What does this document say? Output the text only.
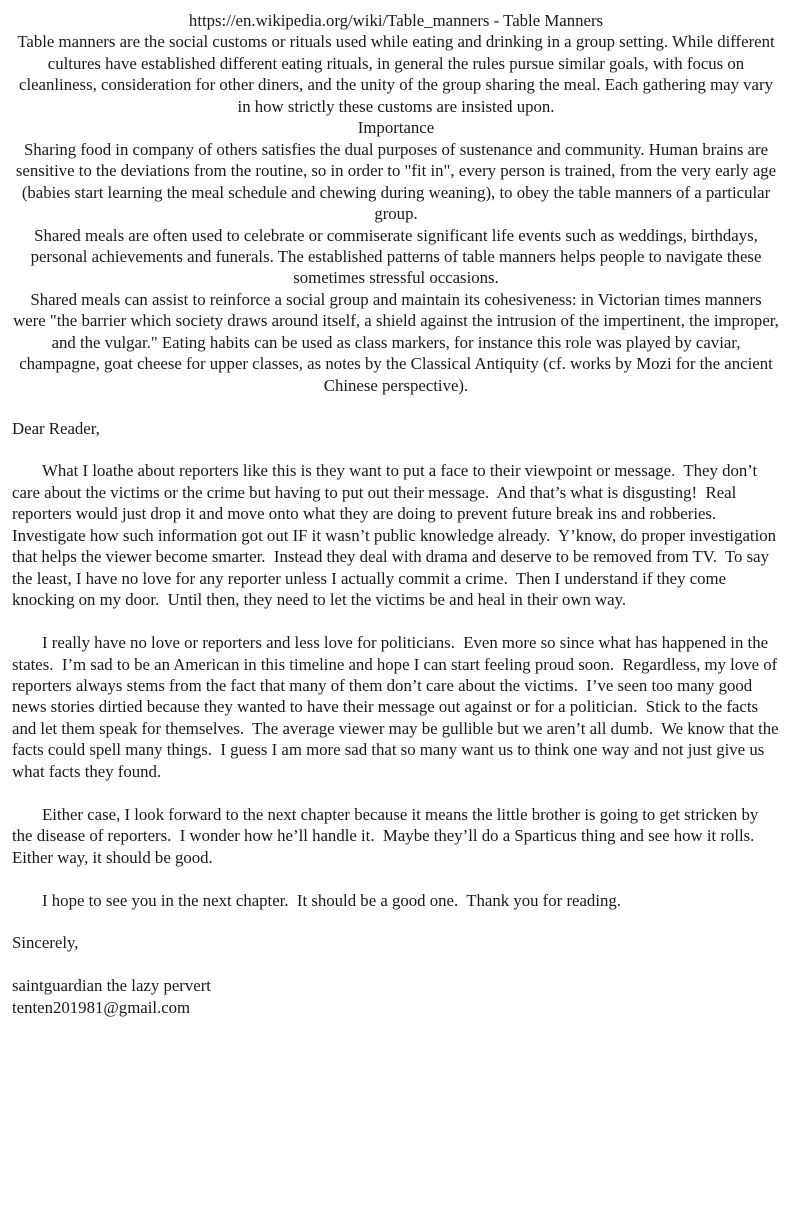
https://en.wikipedia.org/wiki/Table_manners - Table Manners

Table manners are the social customs or rituals used while eating and drinking in a group setting. While different cultures have established different eating rituals, in general the rules pursue similar goals, with focus on cleanliness, consideration for other diners, and the unity of the group sharing the meal. Each gathering may vary in how strictly these customs are insisted upon.

Importance

Sharing food in company of others satisfies the dual purposes of sustenance and community. Human brains are sensitive to the deviations from the routine, so in order to "fit in", every person is trained, from the very early age (babies start learning the meal schedule and chewing during weaning), to obey the table manners of a particular group.

Shared meals are often used to celebrate or commiserate significant life events such as weddings, birthdays, personal achievements and funerals. The established patterns of table manners helps people to navigate these sometimes stressful occasions.

Shared meals can assist to reinforce a social group and maintain its cohesiveness: in Victorian times manners were "the barrier which society draws around itself, a shield against the intrusion of the impertinent, the improper, and the vulgar." Eating habits can be used as class markers, for instance this role was played by caviar, champagne, goat cheese for upper classes, as notes by the Classical Antiquity (cf. works by Mozi for the ancient Chinese perspective).

Dear Reader,

What I loathe about reporters like this is they want to put a face to their viewpoint or message.  They don’t care about the victims or the crime but having to put out their message.  And that’s what is disgusting!  Real reporters would just drop it and move onto what they are doing to prevent future break ins and robberies.  Investigate how such information got out IF it wasn’t public knowledge already.  Y’know, do proper investigation that helps the viewer become smarter.  Instead they deal with drama and deserve to be removed from TV.  To say the least, I have no love for any reporter unless I actually commit a crime.  Then I understand if they come knocking on my door.  Until then, they need to let the victims be and heal in their own way.

I really have no love or reporters and less love for politicians.  Even more so since what has happened in the states.  I’m sad to be an American in this timeline and hope I can start feeling proud soon.  Regardless, my love of reporters always stems from the fact that many of them don’t care about the victims.  I’ve seen too many good news stories dirtied because they wanted to have their message out against or for a politician.  Stick to the facts and let them speak for themselves.  The average viewer may be gullible but we aren’t all dumb.  We know that the facts could spell many things.  I guess I am more sad that so many want us to think one way and not just give us what facts they found.

Either case, I look forward to the next chapter because it means the little brother is going to get stricken by the disease of reporters.  I wonder how he’ll handle it.  Maybe they’ll do a Sparticus thing and see how it rolls.  Either way, it should be good.

I hope to see you in the next chapter.  It should be a good one.  Thank you for reading.

Sincerely,

saintguardian the lazy pervert

tenten201981@gmail.com
